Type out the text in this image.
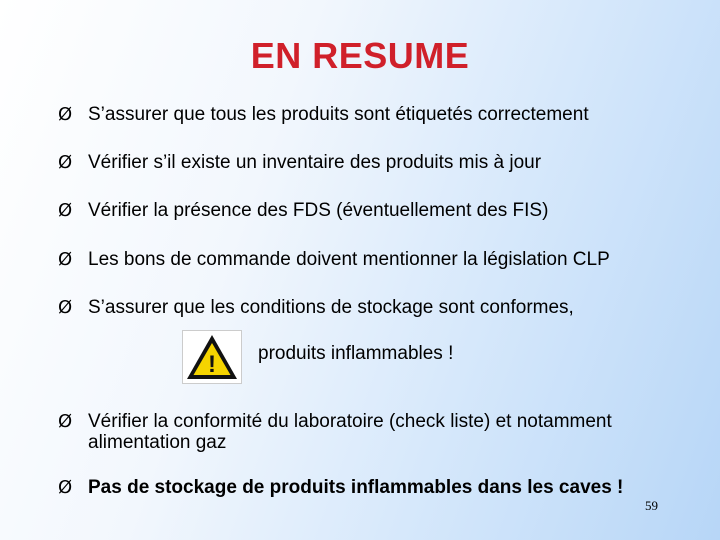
EN RESUME
Ø S’assurer que tous les produits sont étiquetés correctement
Ø Vérifier s’il existe un inventaire des produits mis à jour
Ø Vérifier la présence des FDS (éventuellement des FIS)
Ø Les bons de commande doivent mentionner la législation CLP
Ø S’assurer que les conditions de stockage sont conformes,
! produits inflammables !
Ø Vérifier la conformité du laboratoire (check liste) et notamment alimentation gaz
Ø Pas de stockage de produits inflammables dans les caves !
59
